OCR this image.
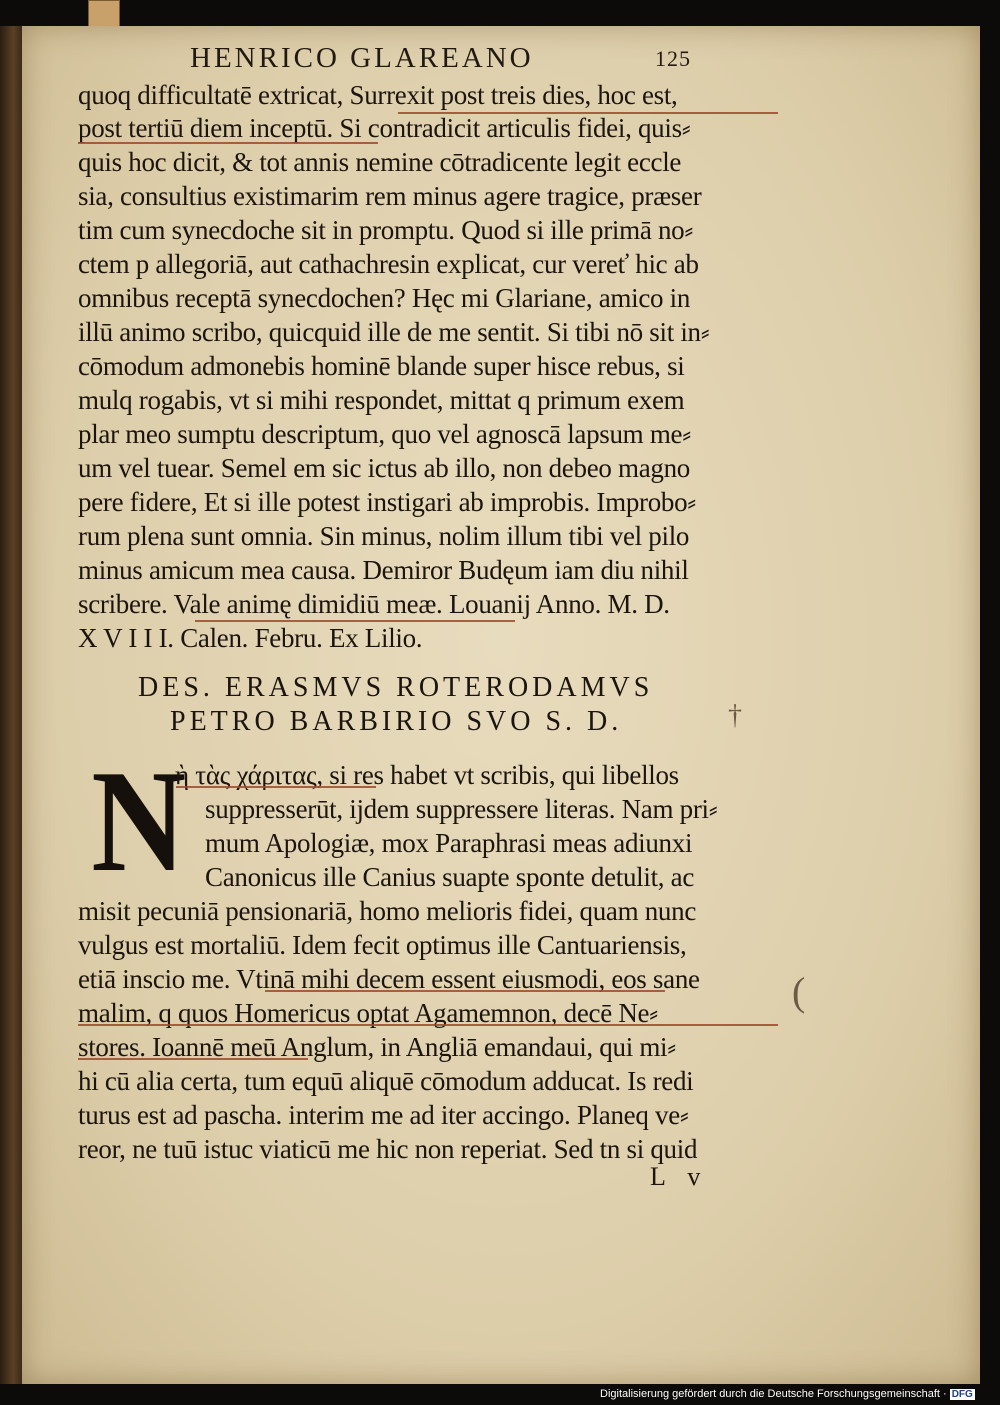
HENRICO GLAREANO	125
quoq difficultatē extricat, Surrexit post treis dies, hoc est,
post tertiū diem inceptū. Si contradicit articulis fidei, quis⸗
quis hoc dicit, & tot annis nemine cōtradicente legit eccle
sia, consultius existimarim rem minus agere tragice, præser
tim cum synecdoche sit in promptu. Quod si ille primā no⸗
ctem p allegoriā, aut cathachresin explicat, cur vereť hic ab
omnibus receptā synecdochen? Hęc mi Glariane, amico in
illū animo scribo, quicquid ille de me sentit. Si tibi nō sit in⸗
cōmodum admonebis hominē blande super hisce rebus, si
mulq rogabis, vt si mihi respondet, mittat q primum exem
plar meo sumptu descriptum, quo vel agnoscā lapsum me⸗
um vel tuear. Semel em sic ictus ab illo, non debeo magno
pere fidere, Et si ille potest instigari ab improbis. Improbo⸗
rum plena sunt omnia. Sin minus, nolim illum tibi vel pilo
minus amicum mea causa. Demiror Budęum iam diu nihil
scribere. Vale animę dimidiū meæ. Louanij Anno. M. D.
X V I I I. Calen. Febru. Ex Lilio.
DES. ERASMVS ROTERODAMVS
PETRO BARBIRIO SVO S. D.	†
N
ὴ τὰς χάριτας, si res habet vt scribis, qui libellos
suppresserūt, ijdem suppressere literas. Nam pri⸗
mum Apologiæ, mox Paraphrasi meas adiunxi
Canonicus ille Canius suapte sponte detulit, ac
misit pecuniā pensionariā, homo melioris fidei, quam nunc
vulgus est mortaliū. Idem fecit optimus ille Cantuariensis,
etiā inscio me. Vtinā mihi decem essent eiusmodi, eos sane
malim, q quos Homericus optat Agamemnon, decē Ne⸗
stores. Ioannē meū Anglum, in Angliā emandaui, qui mi⸗
hi cū alia certa, tum equū aliquē cōmodum adducat. Is redi
turus est ad pascha. interim me ad iter accingo. Planeq ve⸗
reor, ne tuū istuc viaticū me hic non reperiat. Sed tn si quid
(
L v
Digitalisierung gefördert durch die Deutsche Forschungsgemeinschaft · DFG
